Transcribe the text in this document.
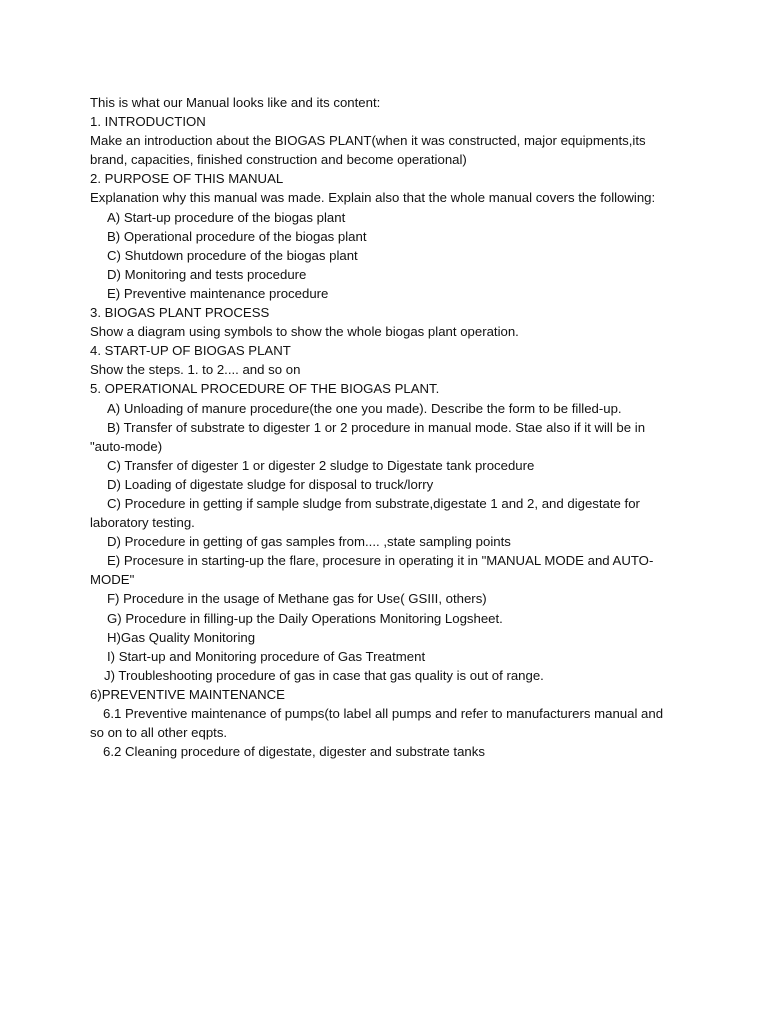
This is what our Manual looks like and its content:

1. INTRODUCTION

Make an introduction about the BIOGAS PLANT(when it was constructed, major equipments,its brand, capacities, finished construction and become operational)

2. PURPOSE OF THIS MANUAL

Explanation why this manual was made. Explain also that the whole manual covers the following:

A) Start-up procedure of the biogas plant

B) Operational procedure of the biogas plant

C) Shutdown procedure of the biogas plant

D) Monitoring and tests procedure

E) Preventive maintenance procedure

3. BIOGAS PLANT PROCESS

Show a diagram using symbols to show the whole biogas plant operation.

4. START-UP OF BIOGAS PLANT

Show the steps. 1. to 2.... and so on

5. OPERATIONAL PROCEDURE OF THE BIOGAS PLANT.

A) Unloading of manure procedure(the one you made). Describe the form to be filled-up.

B) Transfer of substrate to digester 1 or 2 procedure in manual mode. Stae also if it will be in "auto-mode)

C) Transfer of digester 1 or digester 2 sludge to Digestate tank procedure

D) Loading of digestate sludge for disposal to truck/lorry

C) Procedure in getting if sample sludge from substrate,digestate 1 and 2, and digestate for laboratory testing.

D) Procedure in getting of gas samples from.... ,state sampling points

E) Procesure in starting-up the flare, procesure in operating it in "MANUAL MODE and AUTO-MODE"

F) Procedure in the usage of Methane gas for Use( GSIII, others)

G) Procedure in filling-up the Daily Operations Monitoring Logsheet.

H)Gas Quality Monitoring

I) Start-up and Monitoring procedure of Gas Treatment

J) Troubleshooting procedure of gas in case that gas quality is out of range.

6)PREVENTIVE MAINTENANCE

6.1 Preventive maintenance of pumps(to label all pumps and refer to manufacturers manual and so on to all other eqpts.

6.2 Cleaning procedure of digestate, digester and substrate tanks
